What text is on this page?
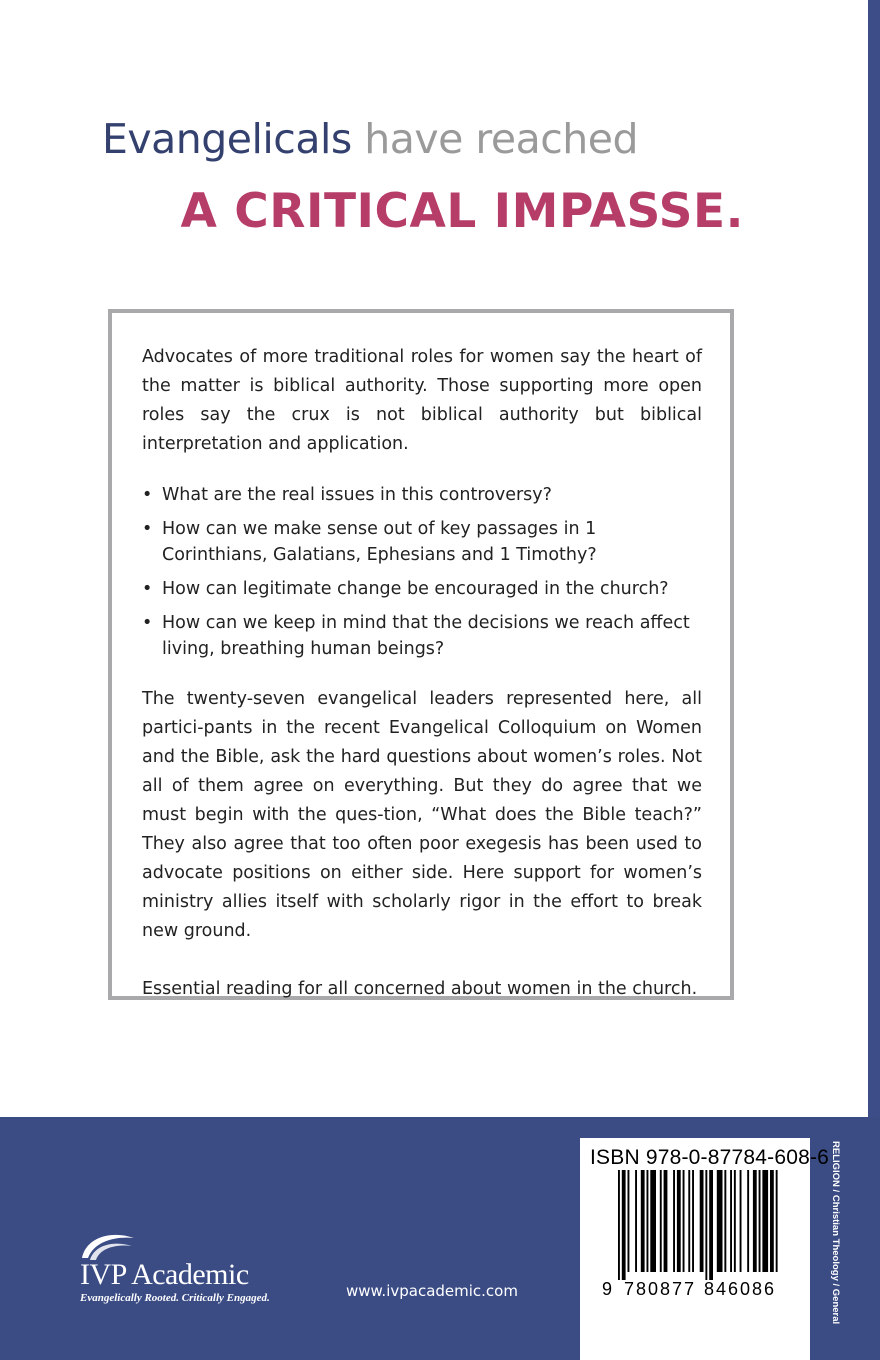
Evangelicals have reached
A CRITICAL IMPASSE.

Advocates of more traditional roles for women say the heart of the matter is biblical authority. Those supporting more open roles say the crux is not biblical authority but biblical interpretation and application.

• What are the real issues in this controversy?
• How can we make sense out of key passages in 1 Corinthians, Galatians, Ephesians and 1 Timothy?
• How can legitimate change be encouraged in the church?
• How can we keep in mind that the decisions we reach affect living, breathing human beings?

The twenty-seven evangelical leaders represented here, all partici-pants in the recent Evangelical Colloquium on Women and the Bible, ask the hard questions about women’s roles. Not all of them agree on everything. But they do agree that we must begin with the ques-tion, “What does the Bible teach?” They also agree that too often poor exegesis has been used to advocate positions on either side. Here support for women’s ministry allies itself with scholarly rigor in the effort to break new ground.

Essential reading for all concerned about women in the church.

IVP Academic
Evangelically Rooted. Critically Engaged.	www.ivpacademic.com
ISBN 978-0-87784-608-6
9 780877 846086	RELIGION / Christian Theology / General
